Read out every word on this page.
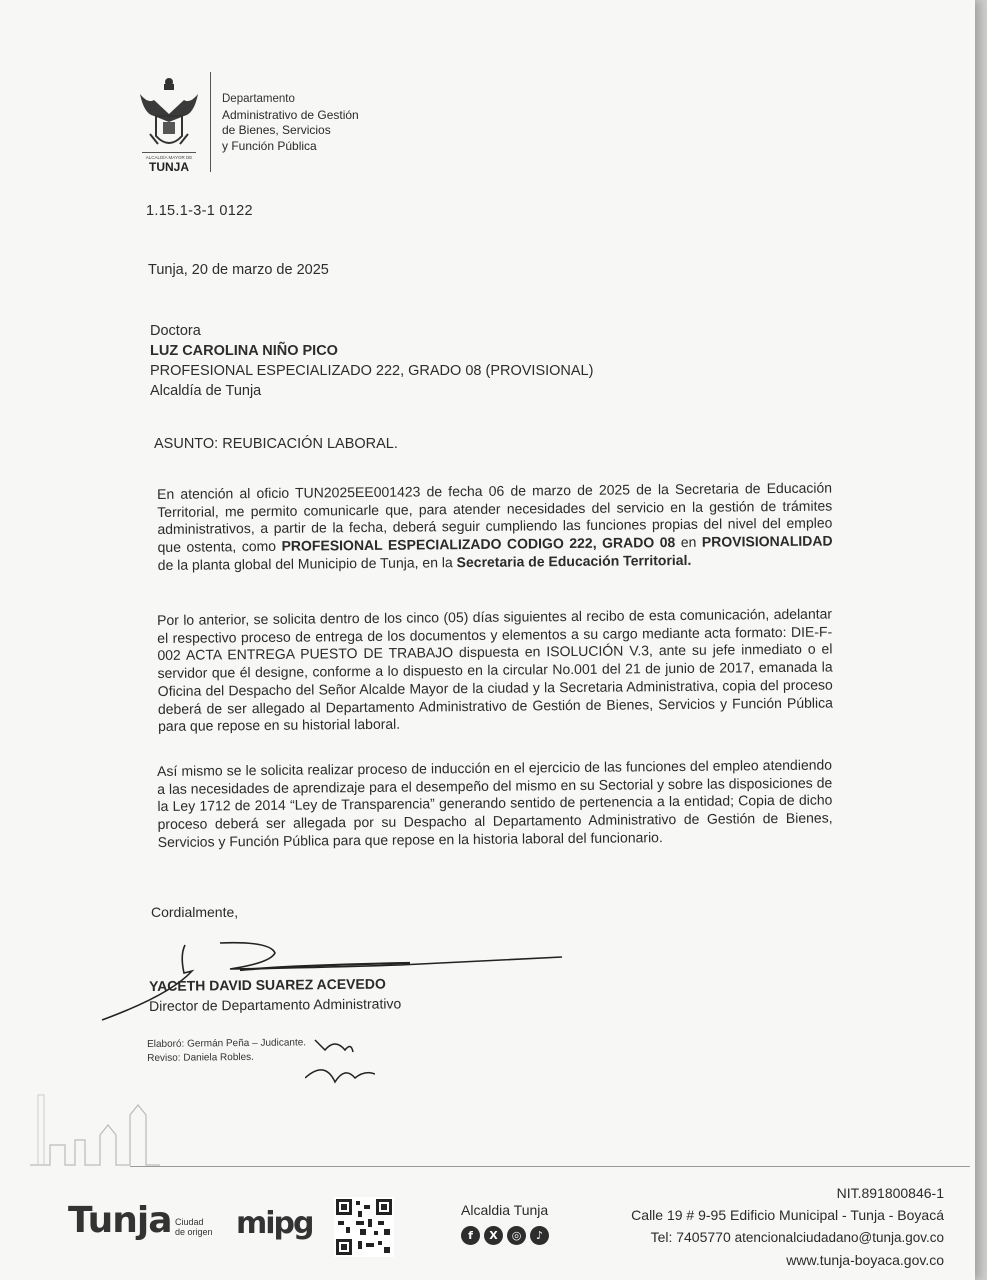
ALCALDÍA MAYOR DE
TUNJA
Departamento
Administrativo de Gestión
de Bienes, Servicios
y Función Pública
1.15.1-3-1 0122
Tunja, 20 de marzo de 2025
Doctora
LUZ CAROLINA NIÑO PICO
PROFESIONAL ESPECIALIZADO 222, GRADO 08 (PROVISIONAL)
Alcaldía de Tunja
ASUNTO: REUBICACIÓN LABORAL.
En atención al oficio TUN2025EE001423 de fecha 06 de marzo de 2025 de la Secretaria de Educación Territorial, me permito comunicarle que, para atender necesidades del servicio en la gestión de trámites administrativos, a partir de la fecha, deberá seguir cumpliendo las funciones propias del nivel del empleo que ostenta, como PROFESIONAL ESPECIALIZADO CODIGO 222, GRADO 08 en PROVISIONALIDAD de la planta global del Municipio de Tunja, en la Secretaria de Educación Territorial.
Por lo anterior, se solicita dentro de los cinco (05) días siguientes al recibo de esta comunicación, adelantar el respectivo proceso de entrega de los documentos y elementos a su cargo mediante acta formato: DIE-F-002 ACTA ENTREGA PUESTO DE TRABAJO dispuesta en ISOLUCIÓN V.3, ante su jefe inmediato o el servidor que él designe, conforme a lo dispuesto en la circular No.001 del 21 de junio de 2017, emanada la Oficina del Despacho del Señor Alcalde Mayor de la ciudad y la Secretaria Administrativa, copia del proceso deberá de ser allegado al Departamento Administrativo de Gestión de Bienes, Servicios y Función Pública para que repose en su historial laboral.
Así mismo se le solicita realizar proceso de inducción en el ejercicio de las funciones del empleo atendiendo a las necesidades de aprendizaje para el desempeño del mismo en su Sectorial y sobre las disposiciones de la Ley 1712 de 2014 “Ley de Transparencia” generando sentido de pertenencia a la entidad; Copia de dicho proceso deberá ser allegada por su Despacho al Departamento Administrativo de Gestión de Bienes, Servicios y Función Pública para que repose en la historia laboral del funcionario.
Cordialmente,
YACETH DAVID SUAREZ ACEVEDO
Director de Departamento Administrativo
Elaboró: Germán Peña – Judicante.
Reviso: Daniela Robles.
Tunja Ciudad
de origen mipg	Alcaldia Tunja
f	X	◎	♪
NIT.891800846-1
Calle 19 # 9-95 Edificio Municipal - Tunja - Boyacá
Tel: 7405770 atencionalciudadano@tunja.gov.co
www.tunja-boyaca.gov.co
